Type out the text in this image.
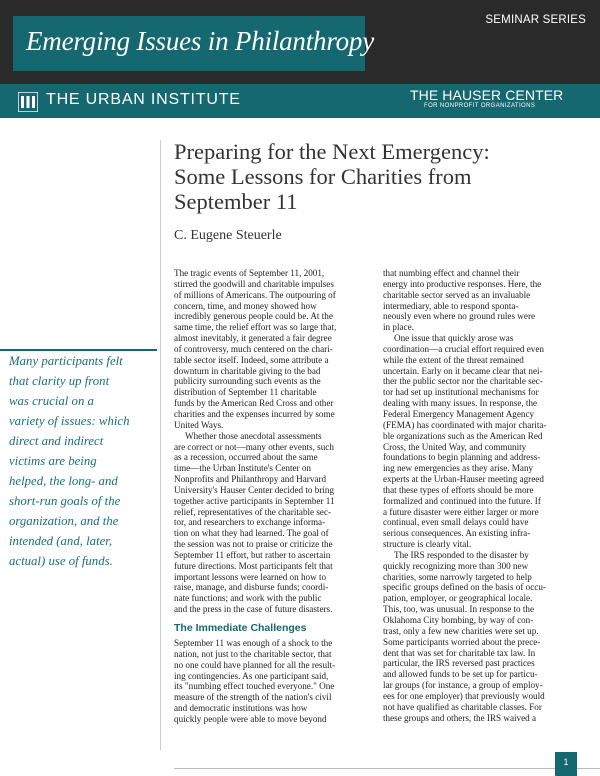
Emerging Issues in Philanthropy
SEMINAR SERIES
THE URBAN INSTITUTE	THE HAUSER CENTER
FOR NONPROFIT ORGANIZATIONS
Preparing for the Next Emergency:
Some Lessons for Charities from
September 11
C. Eugene Steuerle

Many participants felt

that clarity up front

was crucial on a

variety of issues: which

direct and indirect

victims are being

helped, the long- and

short-run goals of the

organization, and the

intended (and, later,

actual) use of funds.

The tragic events of September 11, 2001,
stirred the goodwill and charitable impulses
of millions of Americans. The outpouring of
concern, time, and money showed how
incredibly generous people could be. At the
same time, the relief effort was so large that,
almost inevitably, it generated a fair degree
of controversy, much centered on the chari-
table sector itself. Indeed, some attribute a
downturn in charitable giving to the bad
publicity surrounding such events as the
distribution of September 11 charitable
funds by the American Red Cross and other
charities and the expenses incurred by some
United Ways.
Whether those anecdotal assessments
are correct or not—many other events, such
as a recession, occurred about the same
time—the Urban Institute's Center on
Nonprofits and Philanthropy and Harvard
University's Hauser Center decided to bring
together active participants in September 11
relief, representatives of the charitable sec-
tor, and researchers to exchange informa-
tion on what they had learned. The goal of
the session was not to praise or criticize the
September 11 effort, but rather to ascertain
future directions. Most participants felt that
important lessons were learned on how to
raise, manage, and disburse funds; coordi-
nate functions; and work with the public
and the press in the case of future disasters.
The Immediate Challenges
September 11 was enough of a shock to the
nation, not just to the charitable sector, that
no one could have planned for all the result-
ing contingencies. As one participant said,
its "numbing effect touched everyone." One
measure of the strength of the nation's civil
and democratic institutions was how
quickly people were able to move beyond
that numbing effect and channel their
energy into productive responses. Here, the
charitable sector served as an invaluable
intermediary, able to respond sponta-
neously even where no ground rules were
in place.
One issue that quickly arose was
coordination—a crucial effort required even
while the extent of the threat remained
uncertain. Early on it became clear that nei-
ther the public sector nor the charitable sec-
tor had set up institutional mechanisms for
dealing with many issues. In response, the
Federal Emergency Management Agency
(FEMA) has coordinated with major charita-
ble organizations such as the American Red
Cross, the United Way, and community
foundations to begin planning and address-
ing new emergencies as they arise. Many
experts at the Urban-Hauser meeting agreed
that these types of efforts should be more
formalized and continued into the future. If
a future disaster were either larger or more
continual, even small delays could have
serious consequences. An existing infra-
structure is clearly vital.
The IRS responded to the disaster by
quickly recognizing more than 300 new
charities, some narrowly targeted to help
specific groups defined on the basis of occu-
pation, employer, or geographical locale.
This, too, was unusual. In response to the
Oklahoma City bombing, by way of con-
trast, only a few new charities were set up.
Some participants worried about the prece-
dent that was set for charitable tax law. In
particular, the IRS reversed past practices
and allowed funds to be set up for particu-
lar groups (for instance, a group of employ-
ees for one employer) that previously would
not have qualified as charitable classes. For
these groups and others, the IRS waived a
1
